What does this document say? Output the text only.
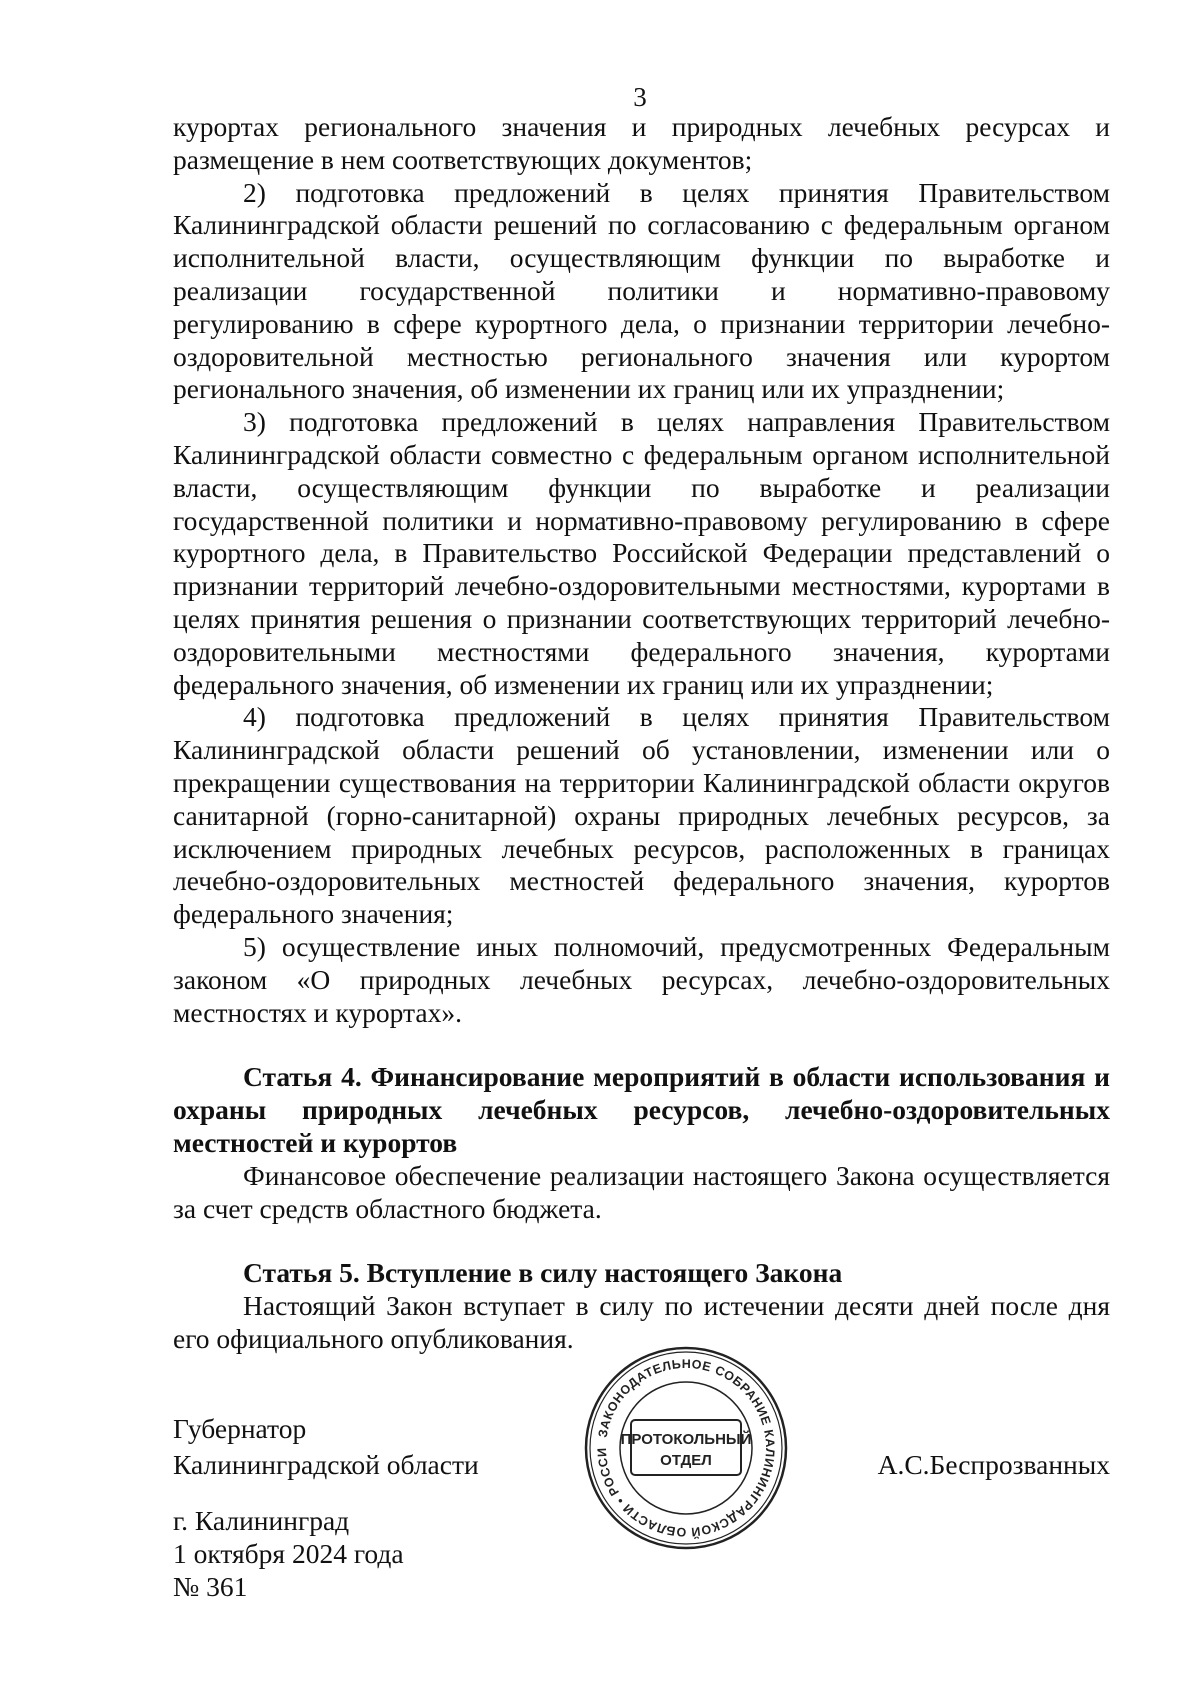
3

курортах регионального значения и природных лечебных ресурсах и размещение в нем соответствующих документов;

2) подготовка предложений в целях принятия Правительством Калининградской области решений по согласованию с федеральным органом исполнительной власти, осуществляющим функции по выработке и реализации государственной политики и нормативно-правовому регулированию в сфере курортного дела, о признании территории лечебно-оздоровительной местностью регионального значения или курортом регионального значения, об изменении их границ или их упразднении;

3) подготовка предложений в целях направления Правительством Калининградской области совместно с федеральным органом исполнительной власти, осуществляющим функции по выработке и реализации государственной политики и нормативно-правовому регулированию в сфере курортного дела, в Правительство Российской Федерации представлений о признании территорий лечебно-оздоровительными местностями, курортами в целях принятия решения о признании соответствующих территорий лечебно-оздоровительными местностями федерального значения, курортами федерального значения, об изменении их границ или их упразднении;

4) подготовка предложений в целях принятия Правительством Калининградской области решений об установлении, изменении или о прекращении существования на территории Калининградской области округов санитарной (горно-санитарной) охраны природных лечебных ресурсов, за исключением природных лечебных ресурсов, расположенных в границах лечебно-оздоровительных местностей федерального значения, курортов федерального значения;

5) осуществление иных полномочий, предусмотренных Федеральным законом «О природных лечебных ресурсах, лечебно-оздоровительных местностях и курортах».

Статья 4. Финансирование мероприятий в области использования и охраны природных лечебных ресурсов, лечебно-оздоровительных местностей и курортов

Финансовое обеспечение реализации настоящего Закона осуществляется за счет средств областного бюджета.

Статья 5. Вступление в силу настоящего Закона

Настоящий Закон вступает в силу по истечении десяти дней после дня его официального опубликования.

Губернатор
Калининградской области	А.С.Беспрозванных
г. Калининград
1 октября 2024 года
№ 361
ЗАКОНОДАТЕЛЬНОЕ СОБРАНИЕ КАЛИНИНГРАДСКОЙ ОБЛАСТИ • РОССИ
ПРОТОКОЛЬНЫЙ
ОТДЕЛ
